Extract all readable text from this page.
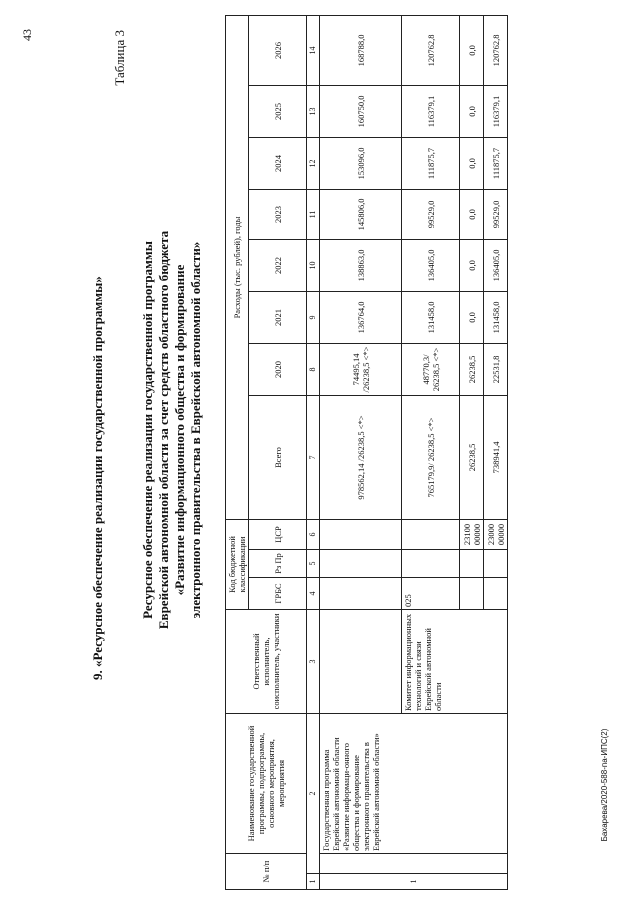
43
9. «Ресурсное обеспечение реализации государственной программы»
Таблица 3
Ресурсное обеспечение реализации государственной программы Еврейской автономной области за счет средств областного бюджета «Развитие информационного общества и формирование электронного правительства в Еврейской автономной области»
№ п/п		Наименование государственной программы, подпрограммы, основного мероприятия, мероприятия	Ответственный исполнитель, соисполнитель, участники	Код бюджетной классификации			Расходы (тыс. рублей), годы							
				ГРБС	Рз Пр	ЦСР	Всего	2020	2021	2022	2023	2024	2025	2026
1	2		3	4	5	6	7	8	9	10	11	12	13	14
1		Государственная программа Еврейской автономной области «Развитие информаци-онного общества и формирование электронного правительства в Еврейской автономной области»					978562,14 /26238,5 <*>	74495,14 /26238,5 <*>	136764,0	138863,0	145806,0	153096,0	160750,0	168788,0
			Комитет информационных технологий и связи Еврейской автономной области	025			765179,9/ 26238,5 <*>	48770,3/ 26238,5 <*>	131458,0	136405,0	99529,0	111875,7	116379,1	120762,8
						23100 00000	26238,5	26238,5	0,0	0,0	0,0	0,0	0,0	0,0
						23000 00000	738941,4	22531,8	131458,0	136405,0	99529,0	111875,7	116379,1	120762,8
Бахарева/2020-588-па-ИПС(2)
